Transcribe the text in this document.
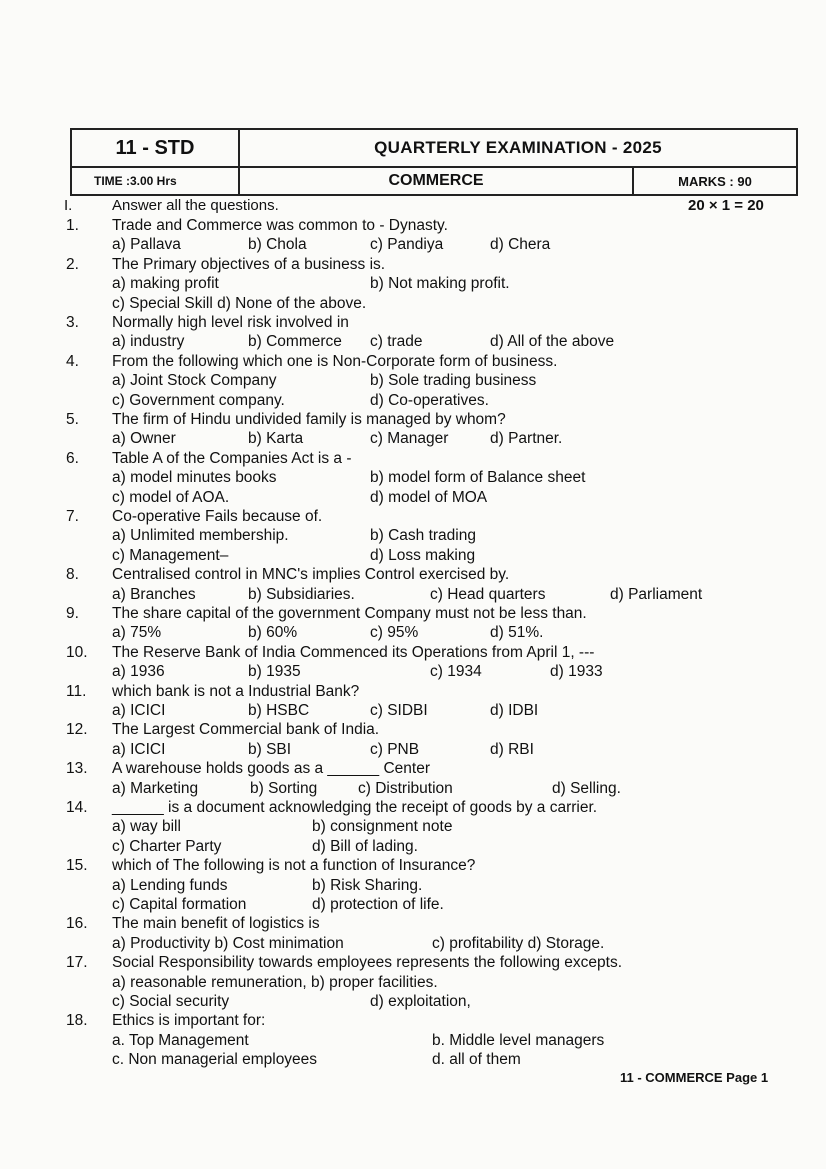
11 - STD	QUARTERLY EXAMINATION - 2025	
TIME :3.00 Hrs	COMMERCE	MARKS : 90
I.	Answer all the questions.	20 × 1 = 20
1.	Trade and Commerce was common to - Dynasty.
a) Pallava	b) Chola	c) Pandiya	d) Chera
2.	The Primary objectives of a business is.
a) making profit	b) Not making profit.
c) Special Skill d) None of the above.
3.	Normally high level risk involved in
a) industry	b) Commerce c) trade	d) All of the above
4.	From the following which one is Non-Corporate form of business.
a) Joint Stock Company	b) Sole trading business
c) Government company.	d) Co-operatives.
5.	The firm of Hindu undivided family is managed by whom?
a) Owner	b) Karta	c) Manager	d) Partner.
6.	Table A of the Companies Act is a -
a) model minutes books	b) model form of Balance sheet
c) model of AOA.	d) model of MOA
7.	Co-operative Fails because of.
a) Unlimited membership.	b) Cash trading
c) Management–	d) Loss making
8.	Centralised control in MNC's implies Control exercised by.
a) Branches	b) Subsidiaries.	c) Head quarters	d) Parliament
9.	The share capital of the government Company must not be less than.
a) 75%	b) 60%	c) 95%	d) 51%.
10.	The Reserve Bank of India Commenced its Operations from April 1, ---
a) 1936	b) 1935	c) 1934	d) 1933
11.	which bank is not a Industrial Bank?
a) ICICI	b) HSBC	c) SIDBI	d) IDBI
12.	The Largest Commercial bank of India.
a) ICICI	b) SBI	c) PNB	d) RBI
13.	A warehouse holds goods as a ______ Center
a) Marketing	b) Sorting	c) Distribution	d) Selling.
14.	______ is a document acknowledging the receipt of goods by a carrier.
a) way bill	b) consignment note
c) Charter Party	d) Bill of lading.
15.	which of The following is not a function of Insurance?
a) Lending funds	b) Risk Sharing.
c) Capital formation	d) protection of life.
16.	The main benefit of logistics is
a) Productivity b) Cost minimation	c) profitability d) Storage.
17.	Social Responsibility towards employees represents the following excepts.
a) reasonable remuneration, b) proper facilities.
c) Social security	d) exploitation,
18.	Ethics is important for:
a. Top Management	b. Middle level managers
c. Non managerial employees	d. all of them
11 - COMMERCE Page 1
